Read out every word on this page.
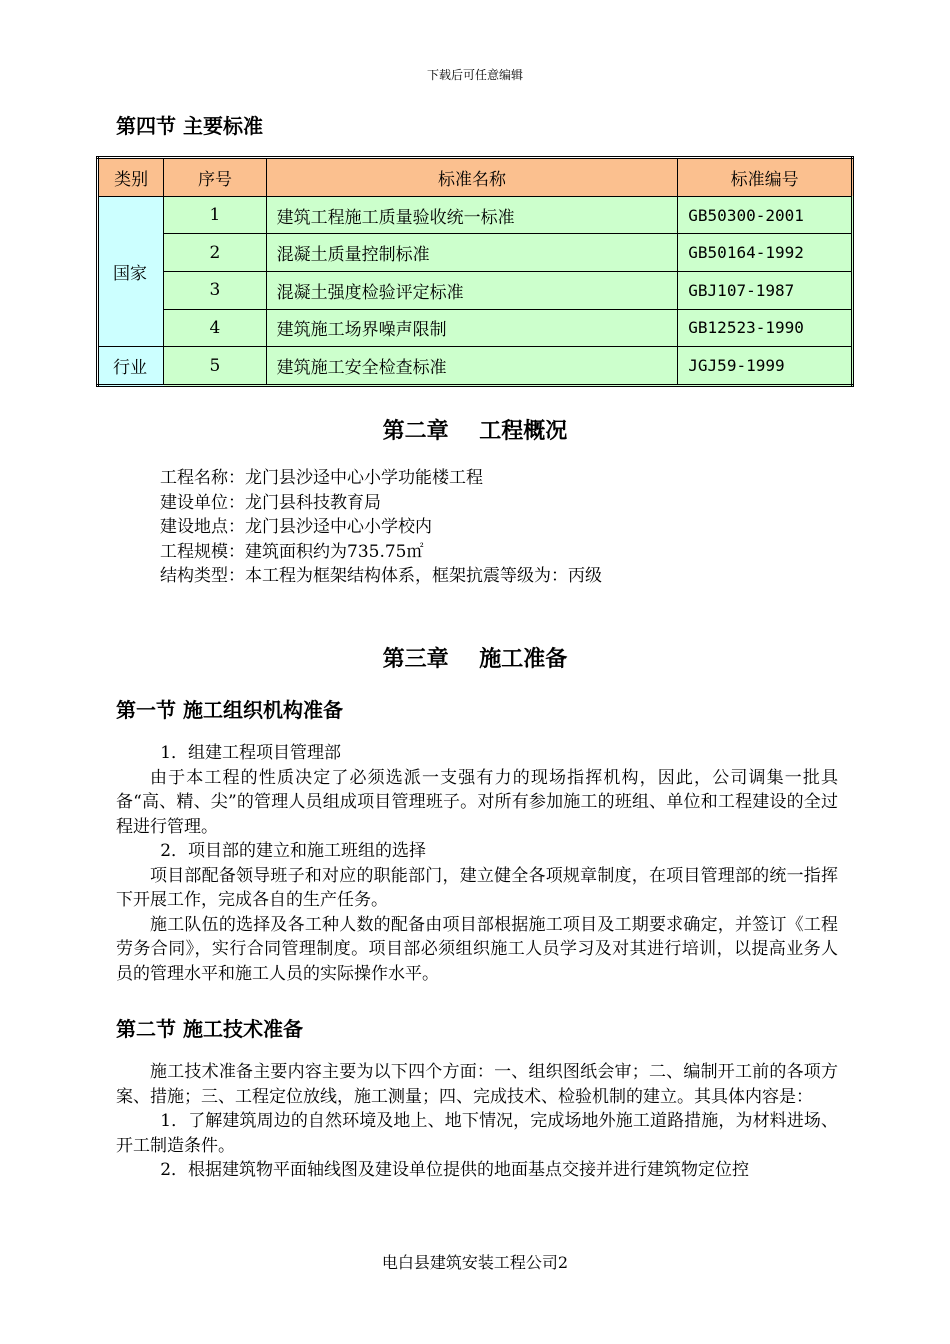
下载后可任意编辑
第四节 主要标准
类别	序号	标准名称	标准编号
国家	1	建筑工程施工质量验收统一标准	GB50300-2001
	2	混凝土质量控制标准	GB50164-1992
	3	混凝土强度检验评定标准	GBJ107-1987
	4	建筑施工场界噪声限制	GB12523-1990
行业	5	建筑施工安全检查标准	JGJ59-1999
第二章    工程概况
工程名称：龙门县沙迳中心小学功能楼工程
建设单位：龙门县科技教育局
建设地点：龙门县沙迳中心小学校内
工程规模：建筑面积约为735.75㎡
结构类型：本工程为框架结构体系，框架抗震等级为：丙级
第三章    施工准备
第一节 施工组织机构准备

1．组建工程项目管理部

由于本工程的性质决定了必须选派一支强有力的现场指挥机构，因此，公司调集一批具备“高、精、尖”的管理人员组成项目管理班子。对所有参加施工的班组、单位和工程建设的全过程进行管理。

2．项目部的建立和施工班组的选择

项目部配备领导班子和对应的职能部门，建立健全各项规章制度，在项目管理部的统一指挥下开展工作，完成各自的生产任务。

施工队伍的选择及各工种人数的配备由项目部根据施工项目及工期要求确定，并签订《工程劳务合同》，实行合同管理制度。项目部必须组织施工人员学习及对其进行培训，以提高业务人员的管理水平和施工人员的实际操作水平。

第二节 施工技术准备

施工技术准备主要内容主要为以下四个方面：一、组织图纸会审；二、编制开工前的各项方案、措施；三、工程定位放线，施工测量；四、完成技术、检验机制的建立。其具体内容是：

1．了解建筑周边的自然环境及地上、地下情况，完成场地外施工道路措施，为材料进场、开工制造条件。

2．根据建筑物平面轴线图及建设单位提供的地面基点交接并进行建筑物定位控

电白县建筑安装工程公司2
